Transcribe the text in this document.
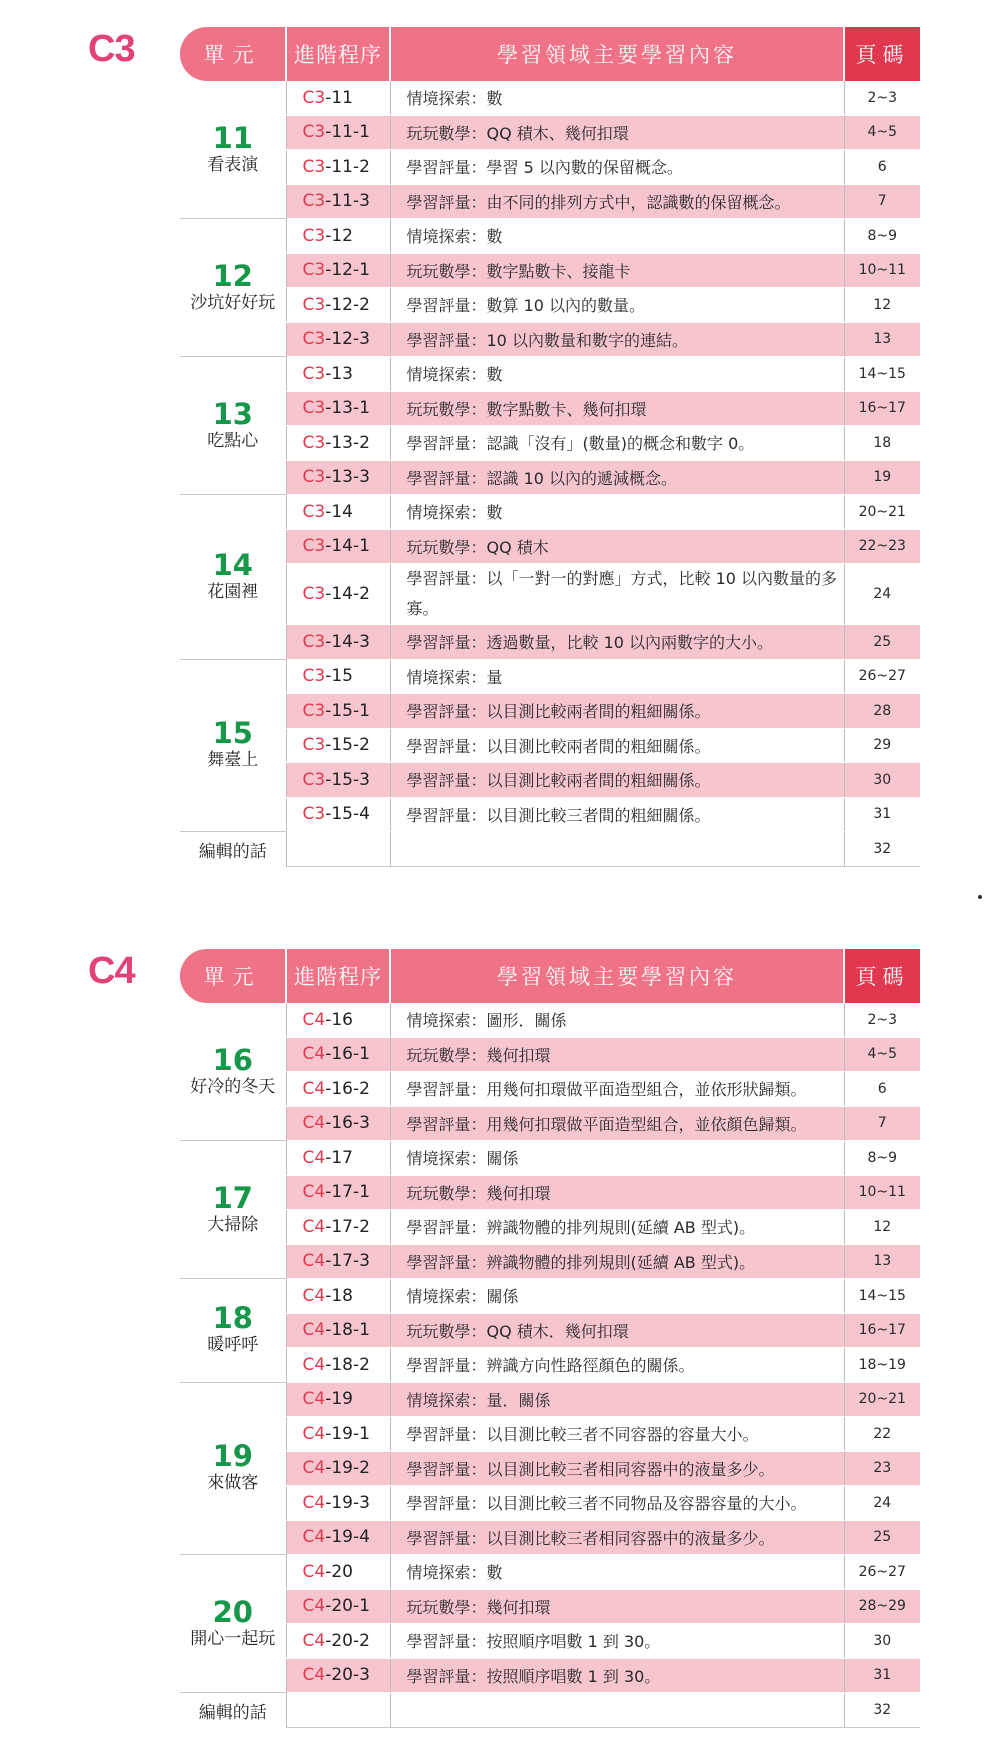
C3	單元	進階程序	學習領域主要學習內容	頁碼

11
看表演	C3-11	情境探索：數	2~3
	C3-11-1	玩玩數學：QQ 積木、幾何扣環	4~5
	C3-11-2	學習評量：學習 5 以內數的保留概念。	6
	C3-11-3	學習評量：由不同的排列方式中，認識數的保留概念。	7

12
沙坑好好玩	C3-12	情境探索：數	8~9
	C3-12-1	玩玩數學：數字點數卡、接龍卡	10~11
	C3-12-2	學習評量：數算 10 以內的數量。	12
	C3-12-3	學習評量：10 以內數量和數字的連結。	13

13
吃點心	C3-13	情境探索：數	14~15
	C3-13-1	玩玩數學：數字點數卡、幾何扣環	16~17
	C3-13-2	學習評量：認識「沒有」(數量)的概念和數字 0。	18
	C3-13-3	學習評量：認識 10 以內的遞減概念。	19

14
花園裡	C3-14	情境探索：數	20~21
	C3-14-1	玩玩數學：QQ 積木	22~23
	C3-14-2	學習評量：以「一對一的對應」方式，比較 10 以內數量的多寡。	24
	C3-14-3	學習評量：透過數量，比較 10 以內兩數字的大小。	25

15
舞臺上	C3-15	情境探索：量	26~27
	C3-15-1	學習評量：以目測比較兩者間的粗細關係。	28
	C3-15-2	學習評量：以目測比較兩者間的粗細關係。	29
	C3-15-3	學習評量：以目測比較兩者間的粗細關係。	30
	C3-15-4	學習評量：以目測比較三者間的粗細關係。	31
編輯的話			32
C4	單元	進階程序	學習領域主要學習內容	頁碼

16
好冷的冬天	C4-16	情境探索：圖形．關係	2~3
	C4-16-1	玩玩數學：幾何扣環	4~5
	C4-16-2	學習評量：用幾何扣環做平面造型組合，並依形狀歸類。	6
	C4-16-3	學習評量：用幾何扣環做平面造型組合，並依顏色歸類。	7

17
大掃除	C4-17	情境探索：關係	8~9
	C4-17-1	玩玩數學：幾何扣環	10~11
	C4-17-2	學習評量：辨識物體的排列規則(延續 AB 型式)。	12
	C4-17-3	學習評量：辨識物體的排列規則(延續 AB 型式)。	13

18
暖呼呼	C4-18	情境探索：關係	14~15
	C4-18-1	玩玩數學：QQ 積木．幾何扣環	16~17
	C4-18-2	學習評量：辨識方向性路徑顏色的關係。	18~19

19
來做客	C4-19	情境探索：量．關係	20~21
	C4-19-1	學習評量：以目測比較三者不同容器的容量大小。	22
	C4-19-2	學習評量：以目測比較三者相同容器中的液量多少。	23
	C4-19-3	學習評量：以目測比較三者不同物品及容器容量的大小。	24
	C4-19-4	學習評量：以目測比較三者相同容器中的液量多少。	25

20
開心一起玩	C4-20	情境探索：數	26~27
	C4-20-1	玩玩數學：幾何扣環	28~29
	C4-20-2	學習評量：按照順序唱數 1 到 30。	30
	C4-20-3	學習評量：按照順序唱數 1 到 30。	31
編輯的話			32
